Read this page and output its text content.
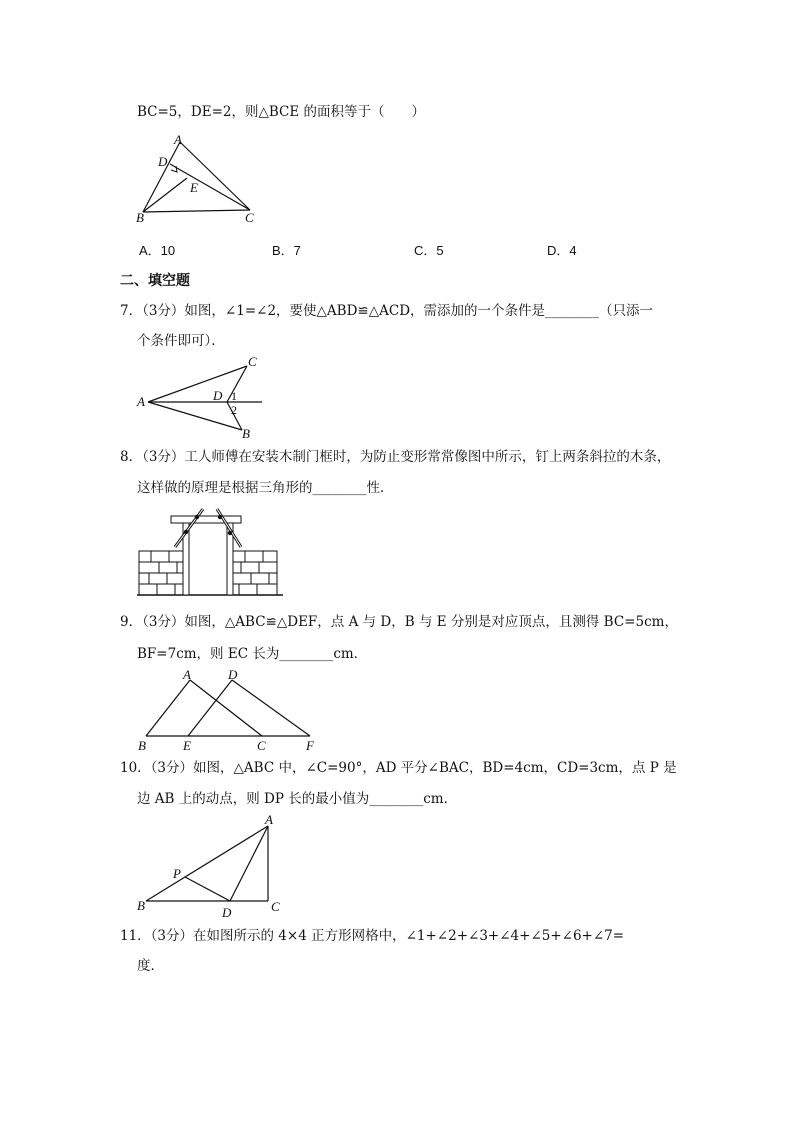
BC=5，DE=2，则△BCE 的面积等于（　　）
A
D
E
B	C
A．10	B．7	C．5	D．4
二、填空题
7．（3分）如图，∠1=∠2，要使△ABD≌△ACD，需添加的一个条件是________（只添一
个条件即可）．
A
C
D 1
2
B
8．（3分）工人师傅在安装木制门框时，为防止变形常常像图中所示，钉上两条斜拉的木条，
这样做的原理是根据三角形的________性．
9．（3分）如图，△ABC≌△DEF，点 A 与 D，B 与 E 分别是对应顶点，且测得 BC=5cm，
BF=7cm，则 EC 长为________cm．
A	D
B	E	C	F
10．（3分）如图，△ABC 中，∠C=90°，AD 平分∠BAC，BD=4cm，CD=3cm，点 P 是
边 AB 上的动点，则 DP 长的最小值为________cm．
A
P
B	D	C
11．（3分）在如图所示的 4×4 正方形网格中，∠1+∠2+∠3+∠4+∠5+∠6+∠7=
度．
